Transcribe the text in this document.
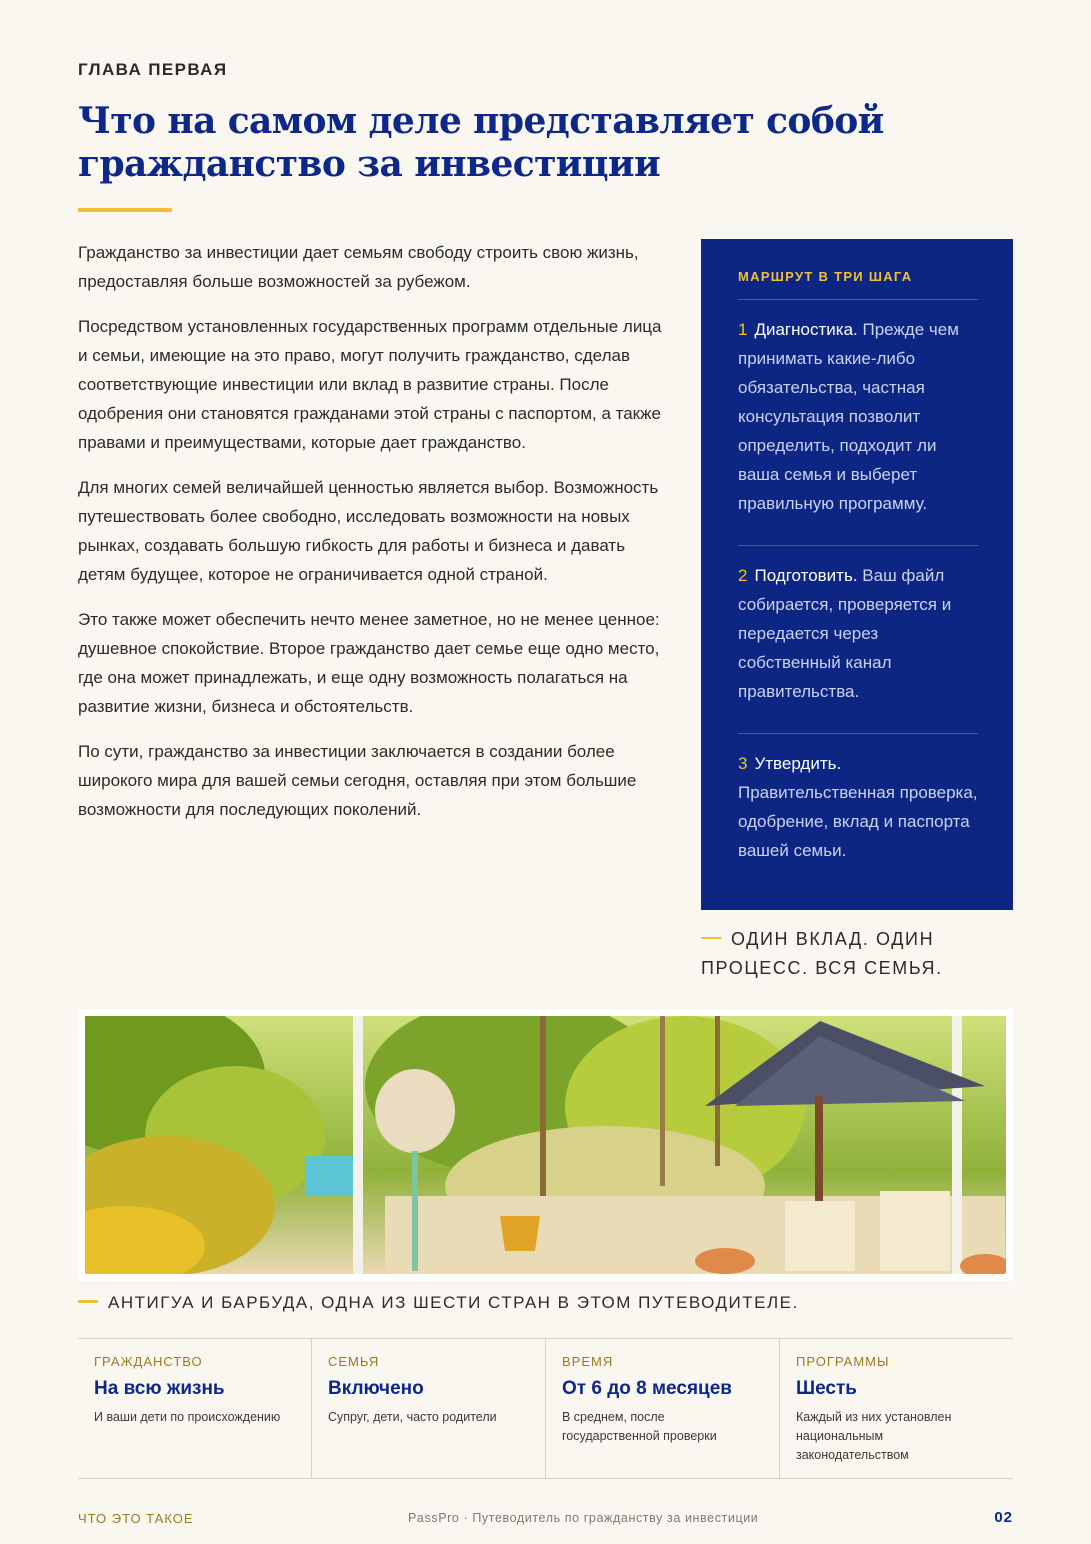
ГЛАВА ПЕРВАЯ
Что на самом деле представляет собой гражданство за инвестиции

Гражданство за инвестиции дает семьям свободу строить свою жизнь, предоставляя больше возможностей за рубежом.

Посредством установленных государственных программ отдельные лица и семьи, имеющие на это право, могут получить гражданство, сделав соответствующие инвестиции или вклад в развитие страны. После одобрения они становятся гражданами этой страны с паспортом, а также правами и преимуществами, которые дает гражданство.

Для многих семей величайшей ценностью является выбор. Возможность путешествовать более свободно, исследовать возможности на новых рынках, создавать большую гибкость для работы и бизнеса и давать детям будущее, которое не ограничивается одной страной.

Это также может обеспечить нечто менее заметное, но не менее ценное: душевное спокойствие. Второе гражданство дает семье еще одно место, где она может принадлежать, и еще одну возможность полагаться на развитие жизни, бизнеса и обстоятельств.

По сути, гражданство за инвестиции заключается в создании более широкого мира для вашей семьи сегодня, оставляя при этом большие возможности для последующих поколений.

МАРШРУТ В ТРИ ШАГА
1 Диагностика. Прежде чем принимать какие-либо обязательства, частная консультация позволит определить, подходит ли ваша семья и выберет правильную программу.
2 Подготовить. Ваш файл собирается, проверяется и передается через собственный канал правительства.
3 Утвердить. Правительственная проверка, одобрение, вклад и паспорта вашей семьи.
ОДИН ВКЛАД. ОДИН ПРОЦЕСС. ВСЯ СЕМЬЯ.
АНТИГУА И БАРБУДА, ОДНА ИЗ ШЕСТИ СТРАН В ЭТОМ ПУТЕВОДИТЕЛЕ.
ГРАЖДАНСТВО
На всю жизнь
И ваши дети по происхождению
СЕМЬЯ
Включено
Супруг, дети, часто родители
ВРЕМЯ
От 6 до 8 месяцев
В среднем, после государственной проверки
ПРОГРАММЫ
Шесть
Каждый из них установлен национальным законодательством
ЧТО ЭТО ТАКОЕ	PassPro · Путеводитель по гражданству за инвестиции	02
